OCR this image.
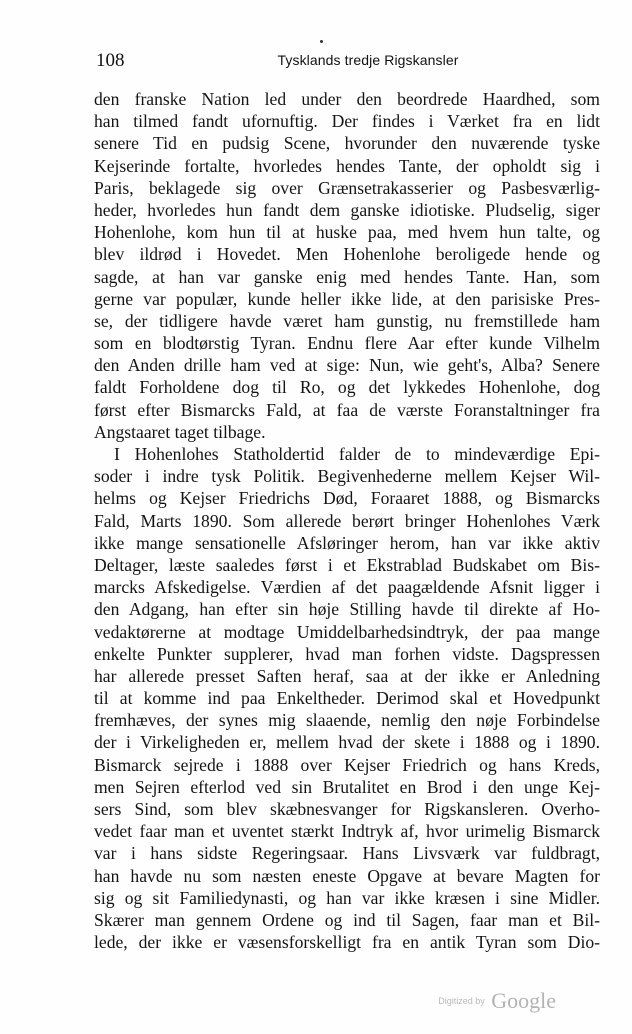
108	Tysklands tredje Rigskansler

den franske Nation led under den beordrede Haardhed, som
han tilmed fandt ufornuftig. Der findes i Værket fra en lidt
senere Tid en pudsig Scene, hvorunder den nuværende tyske
Kejserinde fortalte, hvorledes hendes Tante, der opholdt sig i
Paris, beklagede sig over Grænsetrakasserier og Pasbesværlig-
heder, hvorledes hun fandt dem ganske idiotiske. Pludselig, siger
Hohenlohe, kom hun til at huske paa, med hvem hun talte, og
blev ildrød i Hovedet. Men Hohenlohe beroligede hende og
sagde, at han var ganske enig med hendes Tante. Han, som
gerne var populær, kunde heller ikke lide, at den parisiske Pres-
se, der tidligere havde været ham gunstig, nu fremstillede ham
som en blodtørstig Tyran. Endnu flere Aar efter kunde Vilhelm
den Anden drille ham ved at sige: Nun, wie geht's, Alba? Senere
faldt Forholdene dog til Ro, og det lykkedes Hohenlohe, dog
først efter Bismarcks Fald, at faa de værste Foranstaltninger fra
Angstaaret taget tilbage.

I Hohenlohes Statholdertid falder de to mindeværdige Epi-
soder i indre tysk Politik. Begivenhederne mellem Kejser Wil-
helms og Kejser Friedrichs Død, Foraaret 1888, og Bismarcks
Fald, Marts 1890. Som allerede berørt bringer Hohenlohes Værk
ikke mange sensationelle Afsløringer herom, han var ikke aktiv
Deltager, læste saaledes først i et Ekstrablad Budskabet om Bis-
marcks Afskedigelse. Værdien af det paagældende Afsnit ligger i
den Adgang, han efter sin høje Stilling havde til direkte af Ho-
vedaktørerne at modtage Umiddelbarhedsindtryk, der paa mange
enkelte Punkter supplerer, hvad man forhen vidste. Dagspressen
har allerede presset Saften heraf, saa at der ikke er Anledning
til at komme ind paa Enkeltheder. Derimod skal et Hovedpunkt
fremhæves, der synes mig slaaende, nemlig den nøje Forbindelse
der i Virkeligheden er, mellem hvad der skete i 1888 og i 1890.
Bismarck sejrede i 1888 over Kejser Friedrich og hans Kreds,
men Sejren efterlod ved sin Brutalitet en Brod i den unge Kej-
sers Sind, som blev skæbnesvanger for Rigskansleren. Overho-
vedet faar man et uventet stærkt Indtryk af, hvor urimelig Bismarck
var i hans sidste Regeringsaar. Hans Livsværk var fuldbragt,
han havde nu som næsten eneste Opgave at bevare Magten for
sig og sit Familiedynasti, og han var ikke kræsen i sine Midler.
Skærer man gennem Ordene og ind til Sagen, faar man et Bil-
lede, der ikke er væsensforskelligt fra en antik Tyran som Dio-

Digitized by Google
